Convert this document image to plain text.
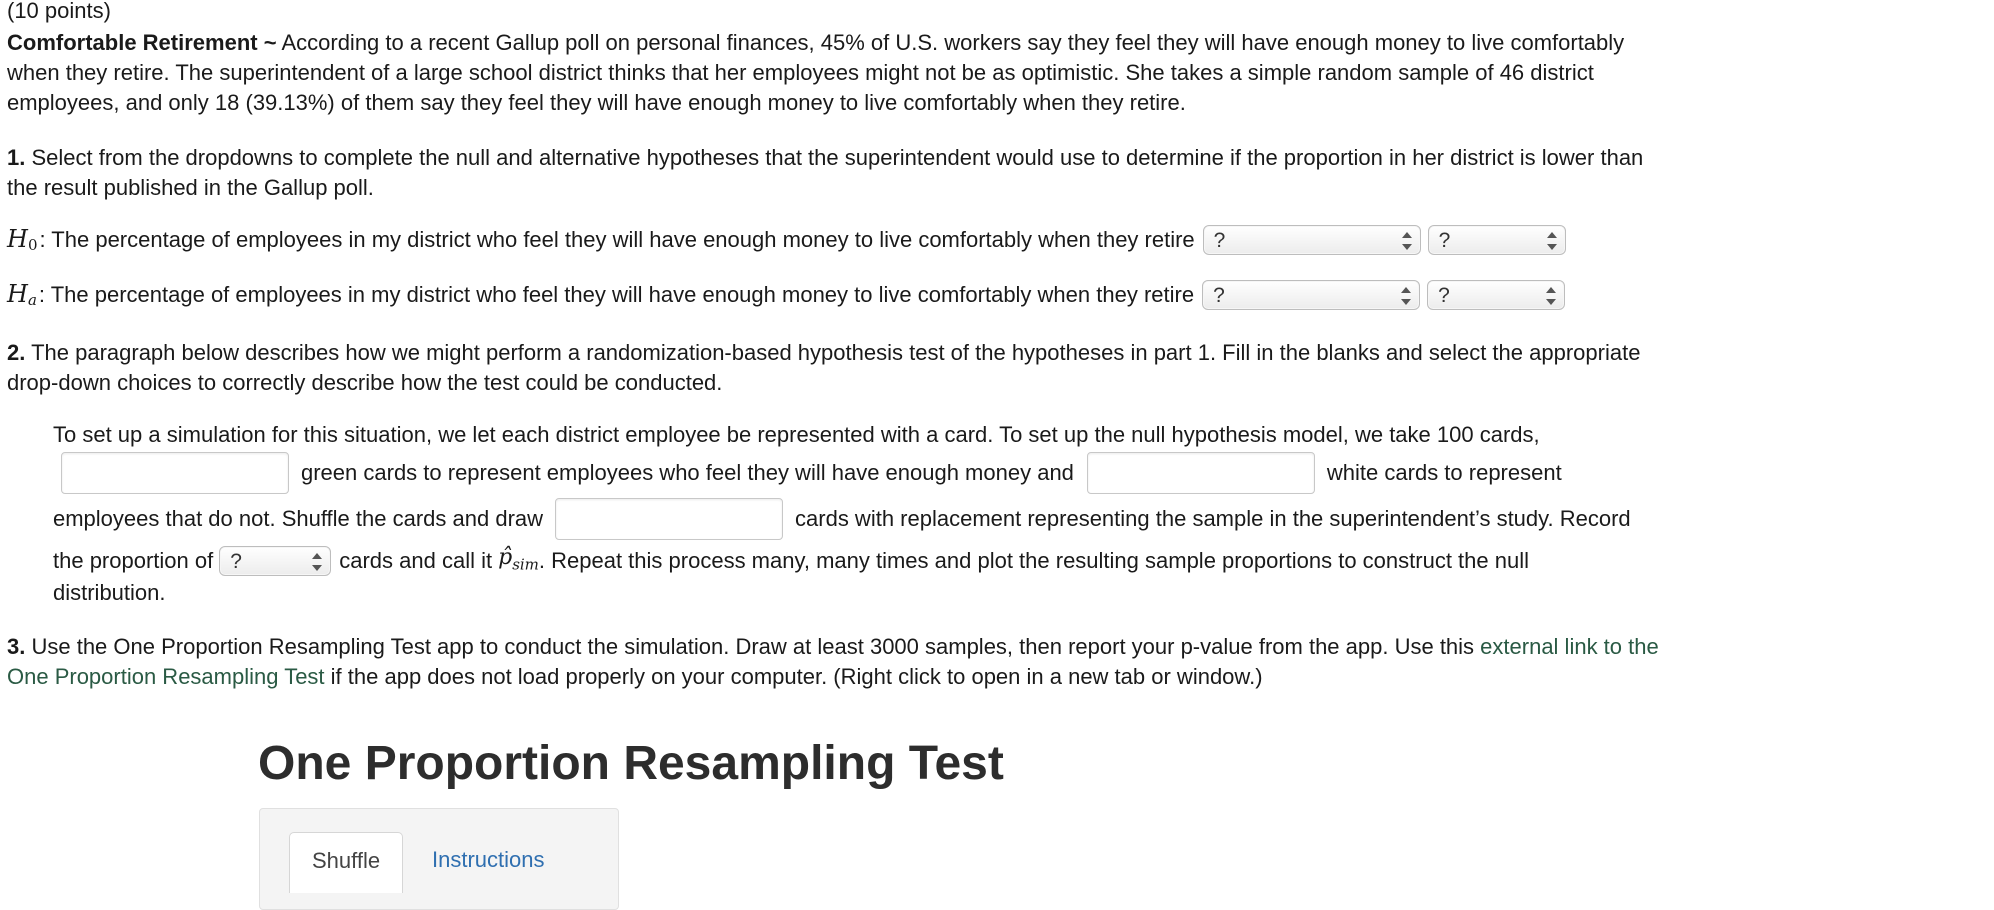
(10 points)

Comfortable Retirement ~ According to a recent Gallup poll on personal finances, 45% of U.S. workers say they feel they will have enough money to live comfortably when they retire. The superintendent of a large school district thinks that her employees might not be as optimistic. She takes a simple random sample of 46 district employees, and only 18 (39.13%) of them say they feel they will have enough money to live comfortably when they retire.

1. Select from the dropdowns to complete the null and alternative hypotheses that the superintendent would use to determine if the proportion in her district is lower than the result published in the Gallup poll.

$H_0$ : The percentage of employees in my district who feel they will have enough money to live comfortably when they retire ?	?
$H_a$ : The percentage of employees in my district who feel they will have enough money to live comfortably when they retire ?	?

2. The paragraph below describes how we might perform a randomization-based hypothesis test of the hypotheses in part 1. Fill in the blanks and select the appropriate drop-down choices to correctly describe how the test could be conducted.

To set up a simulation for this situation, we let each district employee be represented with a card. To set up the null hypothesis model, we take 100 cards,

green cards to represent employees who feel they will have enough money and	white cards to represent
employees that do not. Shuffle the cards and draw	cards with replacement representing the sample in the superintendent’s study. Record
the proportion of ?	cards and call it $p̂_{sim}$ . Repeat this process many, many times and plot the resulting sample proportions to construct the null

distribution.

3. Use the One Proportion Resampling Test app to conduct the simulation. Draw at least 3000 samples, then report your p-value from the app. Use this external link to the One Proportion Resampling Test if the app does not load properly on your computer. (Right click to open in a new tab or window.)

One Proportion Resampling Test
Shuffle	Instructions
